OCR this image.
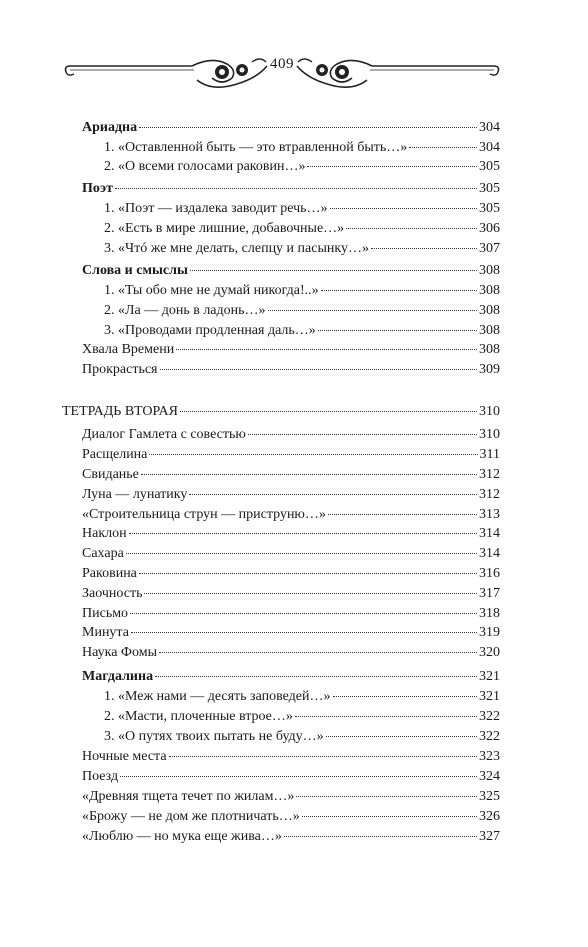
409
Ариадна	304
1. «Оставленной быть — это втравленной быть…»	304
2. «О всеми голосами раковин…»	305
Поэт	305
1. «Поэт — издалека заводит речь…»	305
2. «Есть в мире лишние, добавочные…»	306
3. «Чтó же мне делать, слепцу и пасынку…»	307
Слова и смыслы	308
1. «Ты обо мне не думай никогда!..»	308
2. «Ла — донь в ладонь…»	308
3. «Проводами продленная даль…»	308
Хвала Времени	308
Прокрасться	309
ТЕТРАДЬ ВТОРАЯ	310
Диалог Гамлета с совестью	310
Расщелина	311
Свиданье	312
Луна — лунатику	312
«Строительница струн — приструню…»	313
Наклон	314
Сахара	314
Раковина	316
Заочность	317
Письмо	318
Минута	319
Наука Фомы	320
Магдалина	321
1. «Меж нами — десять заповедей…»	321
2. «Масти, плоченные втрое…»	322
3. «О путях твоих пытать не буду…»	322
Ночные места	323
Поезд	324
«Древняя тщета течет по жилам…»	325
«Брожу — не дом же плотничать…»	326
«Люблю — но мука еще жива…»	327
